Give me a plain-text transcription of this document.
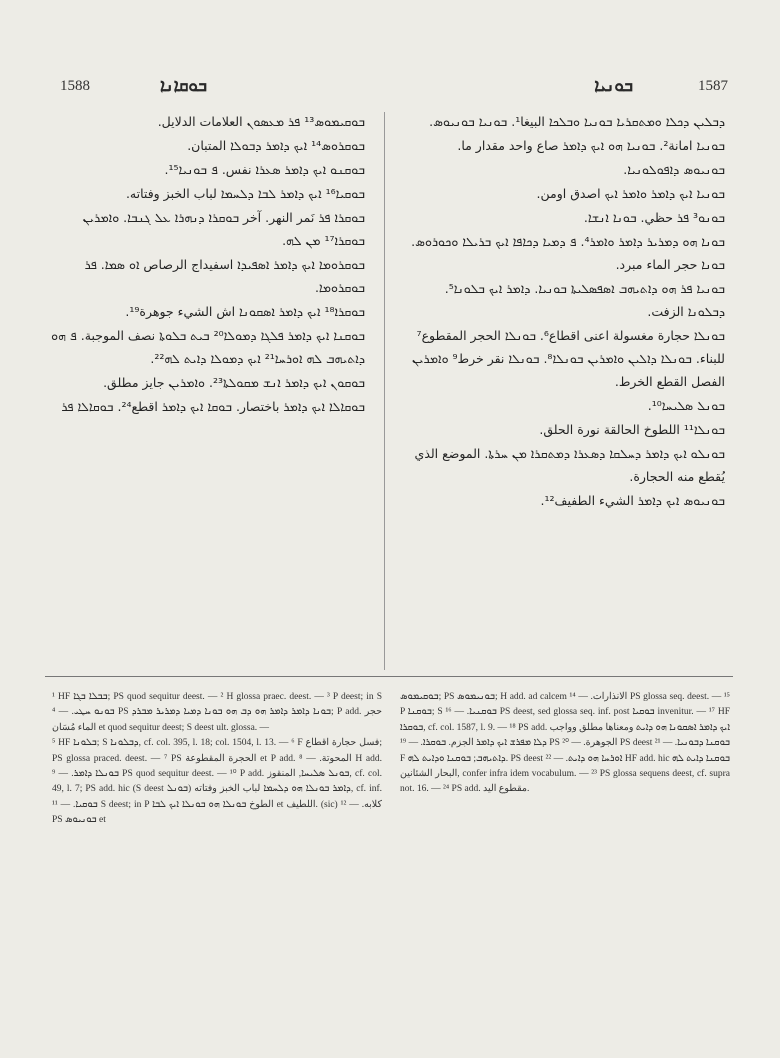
1588	ܒܘܩܐܢܐ	ܒܘܢܝܐ	1587

ܒܘܩܝܡܘܣ¹³ ܦܪ ܡܥܣܘܢ العلامات الدلايل.

ܒܘܩܪܘܣ¹⁴ ܐܝܟ ܕܐܡܪ ܕܒܘܠܐ المتبان.

ܒܘܩܢܘ ܐܝܟ ܕܐܡܪ ܣܥܪܐ نفس. ܦ ܒܘܢܝܐ¹⁵.

ܒܘܩܝܐ¹⁶ ܐܝܟ ܕܐܡܪ ܠܒܐ ܕܠܚܡܐ لباب الخبز وفتاته.

ܒܘܩܪܐ ܦܪ نَمر النهر. آخر ܒܘܩܪܐ ܕܢܗܪܐ ܥܠ ܓܢܒܐ. ܘܐܡܪܝܢ ܒܘܩܪܐ¹⁷ ܡܢ ܠܗ.

ܒܘܩܪܘܡܐ ܐܝܟ ܕܐܡܪ ܐܣܦܝܕܐ اسفيداج الرصاص ܐܘ ܣܡܐ. ܦܪ ܒܘܩܪܘܡܐ.

ܒܘܩܪܐ¹⁸ ܐܝܟ ܕܐܡܪ ܐܣܩܘܢܐ اش الشيء جوهرة¹⁹.

ܒܘܩܢܐ ܐܝܟ ܕܐܡܪ ܦܠܓܐ ܕܡܘܠܐ²⁰ ܒܝܬ ܒܠܘܬܐ نصف الموجبة. ܦ ܗܘ ܕܐܬܝܗܒ ܠܗ ܐܘܪܚܐ²¹ ܐܝܟ ܕܡܘܠܐ ܕܐܝܬ ܠܗ²².

ܒܘܩܘܢ ܐܝܟ ܕܐܡܪ ܐܢܫ ܡܩܘܠܬܐ²³. ܘܐܡܪܝܢ جايز مطلق.

ܒܘܩܐܠܐ ܐܝܟ ܕܐܡܪ باختصار. ܒܘܩܐ ܐܝܟ ܕܐܡܪ اقطع²⁴. ܒܘܩܐܠܐ ܦܪ

ܕܒܠܝܢ ܕܟܠܐ ܘܡܬܩܪܝܐ ܒܘܢܝܐ ܘܒܠܟܐ البيغا¹. ܒܘܢܝܐ ܒܘܢܝܘܣ.

ܒܘܢܝܐ امانة². ܒܘܢܝܐ ܗܘ ܐܝܟ ܕܐܡܪ صاع واحد مقدار ما.

ܒܘܢܝܘܣ ܕܐܦܘܠܘܢܝܐ.

ܒܘܢܝܐ ܐܝܟ ܕܐܡܪ ܘܐܡܪ ܐܝܟ اصدق اومن.

ܒܘܢܘ³ ܦܪ حظي. ܒܘܢܐ ܐܢܫܐ.

ܒܘܢܐ ܗܘ ܕܡܪܝܪ ܕܐܡܪ ܘܐܡܪ⁴. ܦ ܕܡܝܐ ܕܟܐܦܐ ܐܝܟ ܒܪܝܠܐ ܘܟܘܪܘܣ. ܒܘܢܐ حجر الماء مبرد.

ܒܘܢܝܐ ܦܪ ܗܘ ܕܐܬܝܗܒ ܐܣܦܣܠܝܬܐ ܒܘܢܝܐ. ܕܐܡܪ ܐܝܟ ܒܠܘܢܐ⁵. ܕܒܠܘܢܐ الزفت.

ܒܘܢܠܐ حجارة مغسولة اعنى اقطاع⁶. ܒܘܢܠܐ الحجر المقطوع⁷ للبناء. ܒܘܢܠܐ ܕܐܠܝܢ ܘܐܡܪܝܢ ܒܘܢܠܐ⁸. ܒܘܢܠܐ نقر خرط⁹ ܘܐܡܪܝܢ الفصل القطع الخرط.

ܒܘܢܠ ܣܠܝܚܐ¹⁰.

ܒܘܢܠܐ¹¹ اللطوخ الحالقة نورة الحلق.

ܒܘܢܠܘ ܐܝܟ ܕܐܡܪ ܕܚܠܩܐ ܕܣܥܪܐ ܕܡܬܩܪܐ ܡܢ ܚܪܬܐ. الموضع الذي يُقطع منه الحجارة.

ܒܘܢܝܘܣ ܐܝܟ ܕܐܡܪ الشيء الطفيف¹².

¹ HF ܒܒܠܐ ܒܓܐ; PS quod sequitur deest. — ² H glossa praec. deest. — ³ P deest; in S ܒܘܢܘ ܚܛܝ. — ⁴ PS ܒܘܢܐ ܕܐܡܪ ܕܐܡܪ ܗܘ ܕܒ ܗܘ ܒܘܢܐ ܕܡܝܐ ܕܡܪܝܪ ܡܒܪܕ; P add. حجر الماء مُسَان et quod sequitur deest; S deest ult. glossa. —

⁵ HF ܒܠܘܢܐ; S ܕܒܠܘܢܐ, cf. col. 395, l. 18; col. 1504, l. 13. — ⁶ F فسل حجارة اقطاع; PS glossa praced. deest. — ⁷ PS الحجرة المقطوعة et P add. المحوتة. — ⁸ H add. ܒܘܢܠܐ ܕܐܡܪ. — ⁹ PS quod sequitur deest. — ¹⁰ P add. ܒܘܢܠ ܣܠܝܚܐ, المنقوز, cf. col. 49, l. 7; PS add. hic (S deest ܒܘܢܠ) ܕܐܡܪ ܒܘܢܠܐ ܗܘ ܕܠܚܡܐ لباب الخبز وفتاته, cf. inf. ܒܘܩܝܐ. — ¹¹ S deest; in P الطوخ ܒܘܢܠܐ ܗܘ ܒܘܢܠܐ ܐܝܟ ܠܒܐ et اللطيف. (sic) كلابه. — ¹² PS ܒܘܢܝܘܣ et

ܒܘܩܝܡܘܣ; PS ܒܘܢܝܡܘܣ; H add. ad calcem الانذارات. — ¹⁴ PS glossa seq. deest. — ¹⁵ P ܒܘܩܢܐ; S ܒܘܩܢܝܐ. — ¹⁶ PS deest, sed glossa seq. inf. post ܒܘܩܝܐ invenitur. — ¹⁷ HF ܒܘܩܪܐ, cf. col. 1587, l. 9. — ¹⁸ PS add. ܐܝܟ ܕܐܡܪ ܐܣܩܘܢܐ ܗܘ ܕܐܝܬ ومعناها مطلق وواجب ܕܠܐ ܡܦܪܫ ܐܝܟ ܕܐܡܪ الجزم. ܒܘܩܪܐ. — ¹⁹ PS الجوهرة. — ²⁰ PS deest ܒܘܩܢܐ ܕܒܘܢܝܐ. — ²¹ F ܕܐܬܝܗܒ; ܒܘܩܢܐ ܘܕܐܝܬ ܠܗ. PS deest ܐܘܪܚܐ ܗܘ ܕܐܝܬ. — ²² HF add. hic ܒܘܩܢܐ ܕܐܝܬ ܠܗ البحار الشئانين, confer infra idem vocabulum. — ²³ PS glossa sequens deest, cf. supra not. 16. — ²⁴ PS add. مقطوع اليد.
